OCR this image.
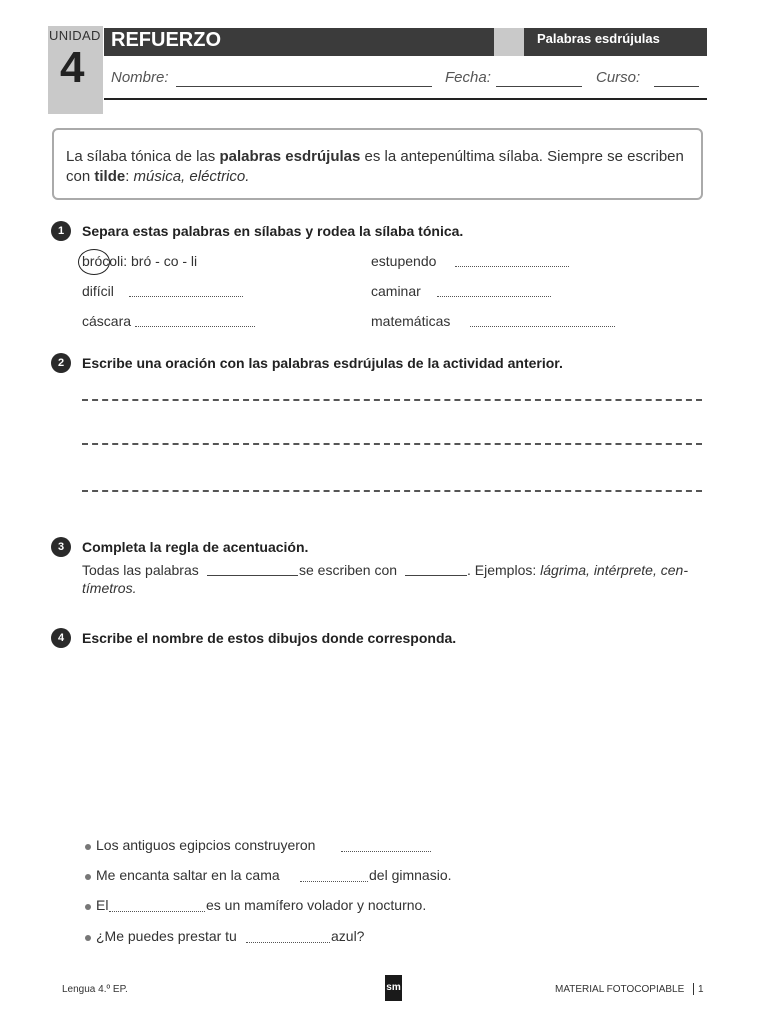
UNIDAD
4
REFUERZO	Palabras esdrújulas
Nombre:	Fecha:	Curso:
La sílaba tónica de las palabras esdrújulas es la antepenúltima sílaba. Siempre se escriben con tilde: música, eléctrico.
1	Separa estas palabras en sílabas y rodea la sílaba tónica.
brócoli: bró - co - li	estupendo
difícil	caminar
cáscara	matemáticas
2	Escribe una oración con las palabras esdrújulas de la actividad anterior.
3	Completa la regla de acentuación.
Todas las palabras	se escriben con	. Ejemplos: lágrima, intérprete, cen-
tímetros.
4	Escribe el nombre de estos dibujos donde corresponda.
Los antiguos egipcios construyeron
Me encanta saltar en la cama	del gimnasio.
El	es un mamífero volador y nocturno.
¿Me puedes prestar tu	azul?
Lengua 4.º EP.	sm	MATERIAL FOTOCOPIABLE 1
